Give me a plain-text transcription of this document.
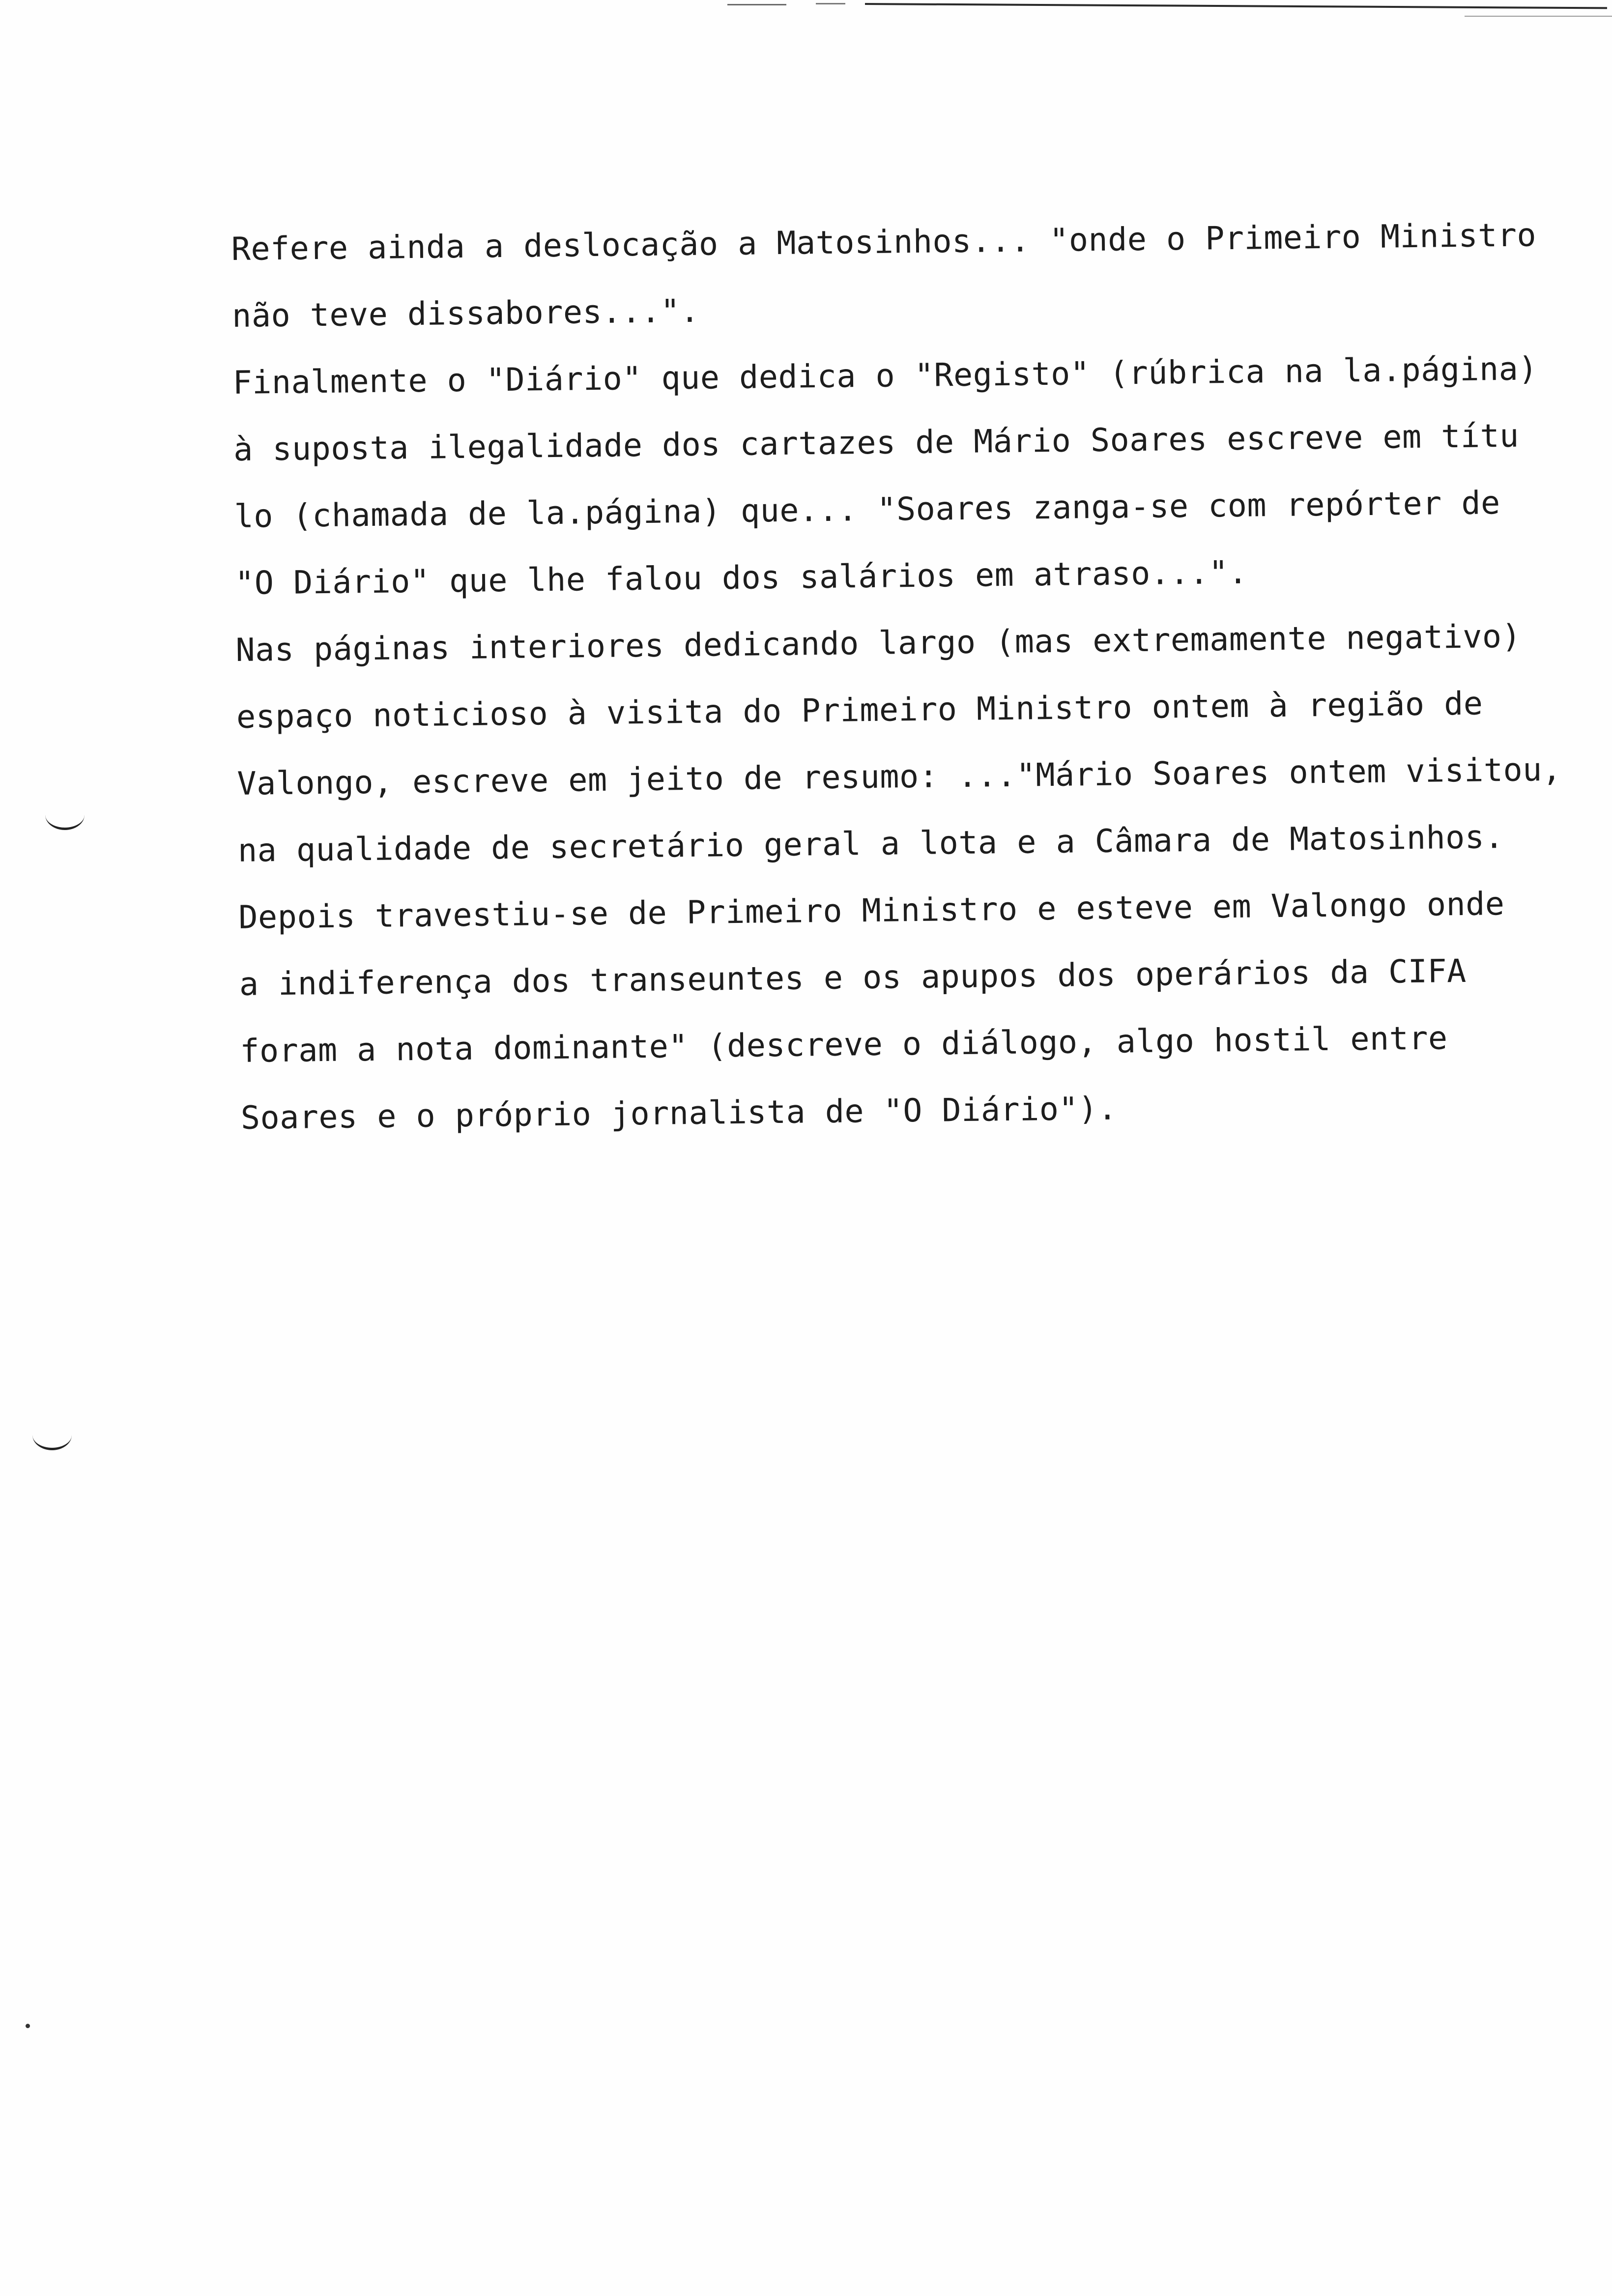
Refere ainda a deslocação a Matosinhos... "onde o Primeiro Ministro
não teve dissabores...".
Finalmente o "Diário" que dedica o "Registo" (rúbrica na la.página)
à suposta ilegalidade dos cartazes de Mário Soares escreve em títu
lo (chamada de la.página) que... "Soares zanga-se com repórter de
"O Diário" que lhe falou dos salários em atraso...".
Nas páginas interiores dedicando largo (mas extremamente negativo)
espaço noticioso à visita do Primeiro Ministro ontem à região de
Valongo, escreve em jeito de resumo: ..."Mário Soares ontem visitou,
na qualidade de secretário geral a lota e a Câmara de Matosinhos.
Depois travestiu-se de Primeiro Ministro e esteve em Valongo onde
a indiferença dos transeuntes e os apupos dos operários da CIFA
foram a nota dominante" (descreve o diálogo, algo hostil entre
Soares e o próprio jornalista de "O Diário").
